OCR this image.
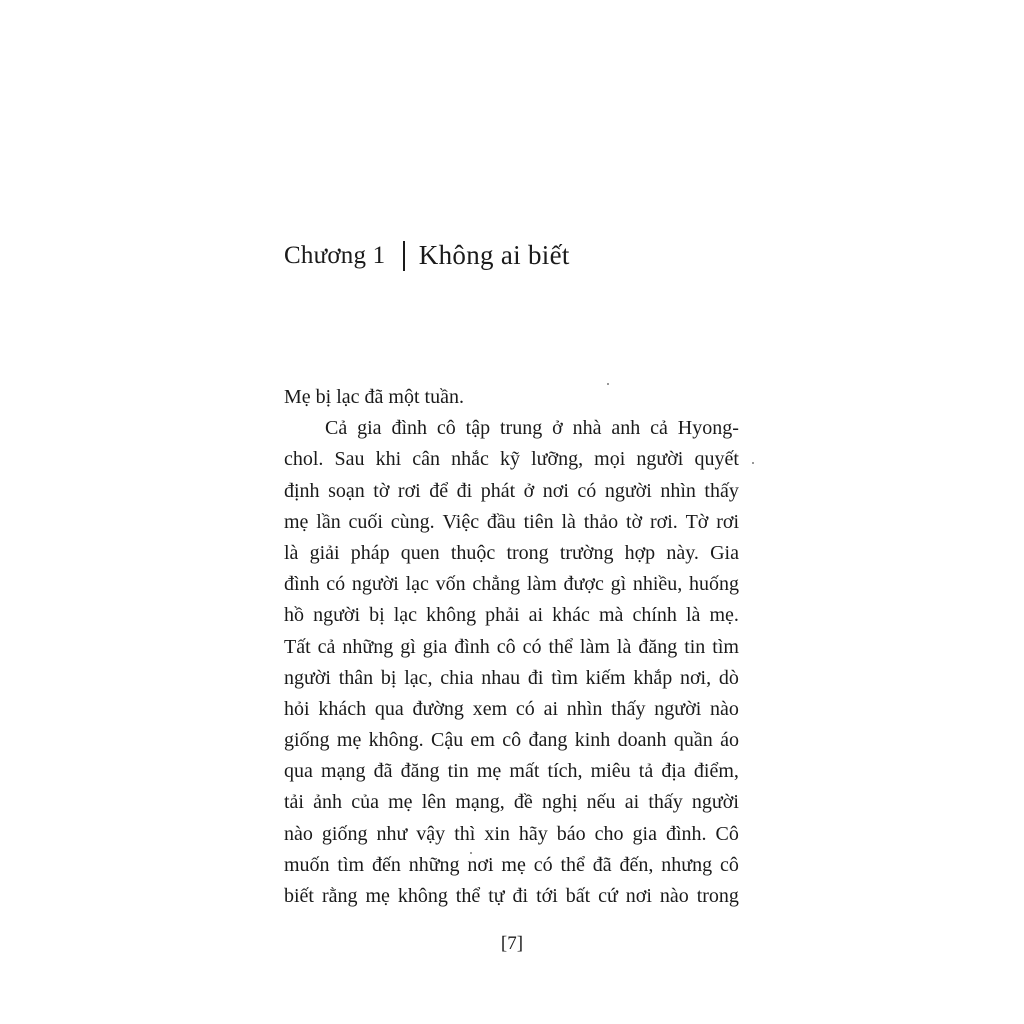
Chương 1 Không ai biết
Mẹ bị lạc đã một tuần.
Cả gia đình cô tập trung ở nhà anh cả Hyong-
chol. Sau khi cân nhắc kỹ lưỡng, mọi người quyết
định soạn tờ rơi để đi phát ở nơi có người nhìn thấy
mẹ lần cuối cùng. Việc đầu tiên là thảo tờ rơi. Tờ rơi
là giải pháp quen thuộc trong trường hợp này. Gia
đình có người lạc vốn chẳng làm được gì nhiều, huống
hồ người bị lạc không phải ai khác mà chính là mẹ.
Tất cả những gì gia đình cô có thể làm là đăng tin tìm
người thân bị lạc, chia nhau đi tìm kiếm khắp nơi, dò
hỏi khách qua đường xem có ai nhìn thấy người nào
giống mẹ không. Cậu em cô đang kinh doanh quần áo
qua mạng đã đăng tin mẹ mất tích, miêu tả địa điểm,
tải ảnh của mẹ lên mạng, đề nghị nếu ai thấy người
nào giống như vậy thì xin hãy báo cho gia đình. Cô
muốn tìm đến những nơi mẹ có thể đã đến, nhưng cô
biết rằng mẹ không thể tự đi tới bất cứ nơi nào trong
[7]
